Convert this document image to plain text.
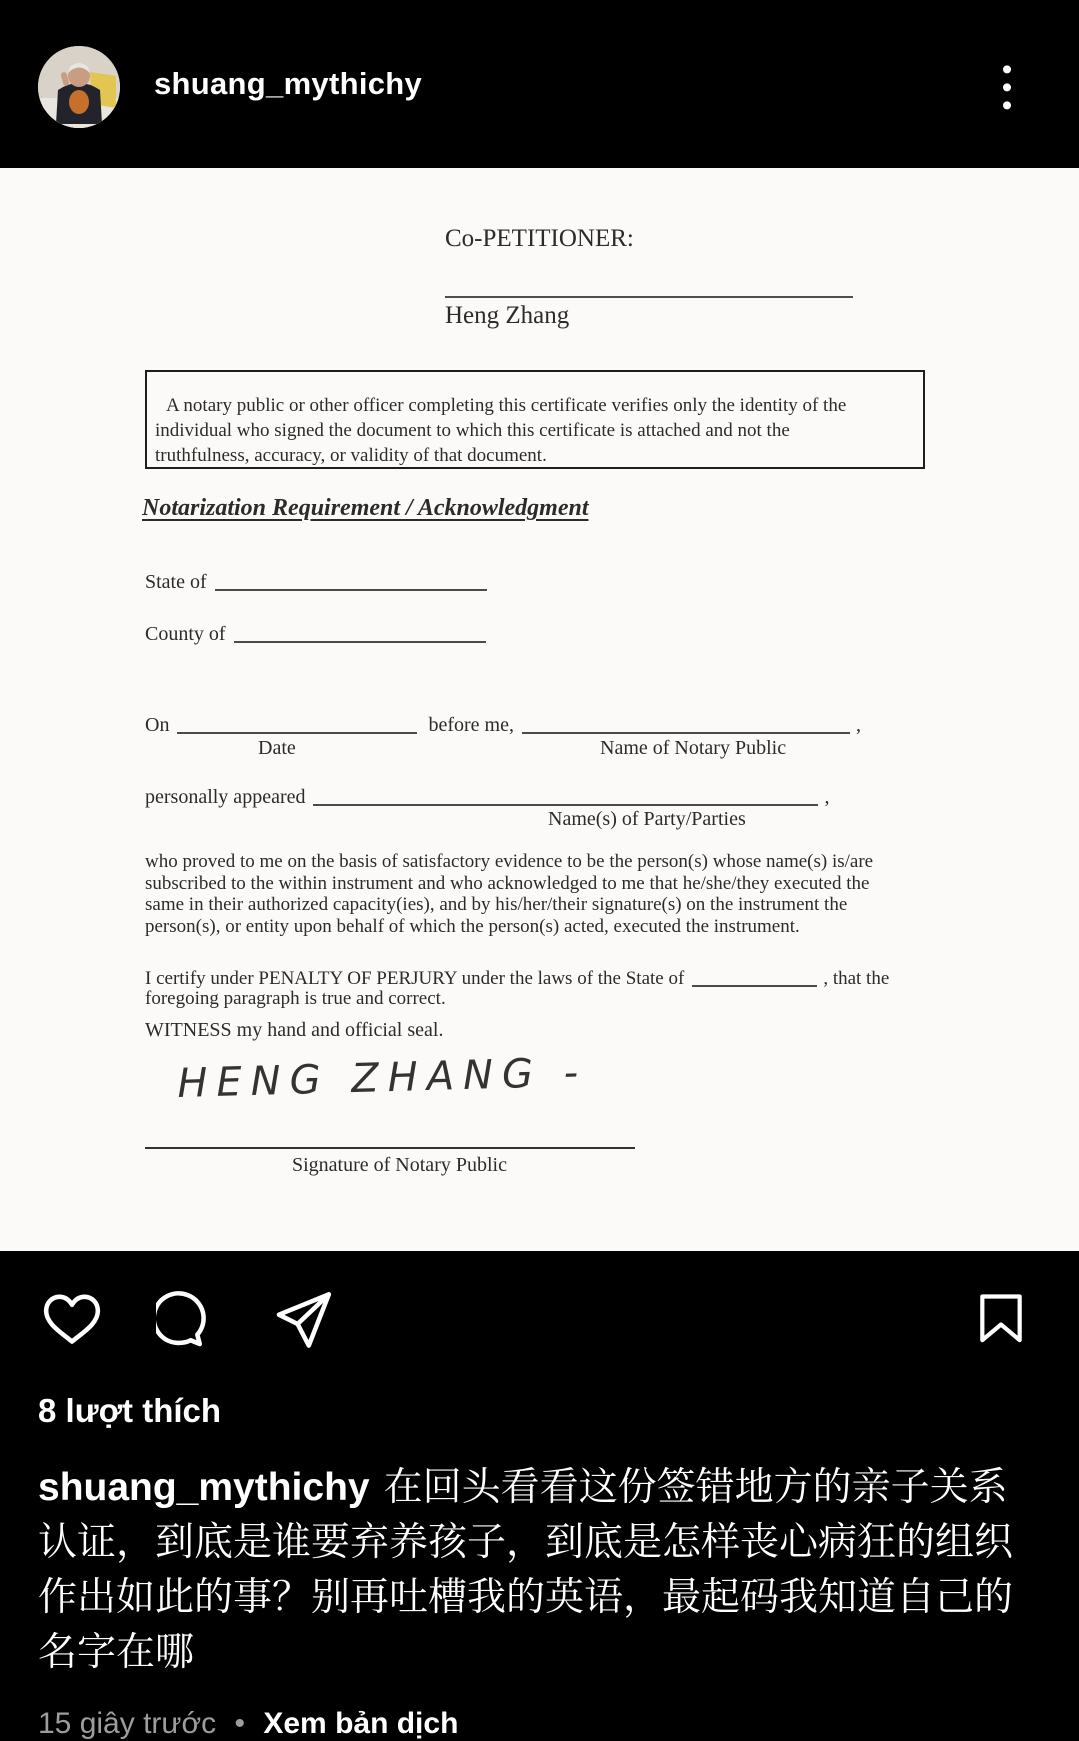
shuang_mythichy
Co-PETITIONER:
Heng Zhang
A notary public or other officer completing this certificate verifies only the identity of the
individual who signed the document to which this certificate is attached and not the
truthfulness, accuracy, or validity of that document.
Notarization Requirement / Acknowledgment
State of
County of
On	before me,	,
Date	Name of Notary Public
personally appeared	,
Name(s) of Party/Parties
who proved to me on the basis of satisfactory evidence to be the person(s) whose name(s) is/are
subscribed to the within instrument and who acknowledged to me that he/she/they executed the
same in their authorized capacity(ies), and by his/her/their signature(s) on the instrument the
person(s), or entity upon behalf of which the person(s) acted, executed the instrument.
I certify under PENALTY OF PERJURY under the laws of the State of	, that the
foregoing paragraph is true and correct.
WITNESS my hand and official seal.
HENG ZHANG -
Signature of Notary Public
8 lượt thích
shuang_mythichy 在回头看看这份签错地方的亲子关系认证，到底是谁要弃养孩子，到底是怎样丧心病狂的组织作出如此的事？别再吐槽我的英语，最起码我知道自己的名字在哪
15 giây trước • Xem bản dịch
